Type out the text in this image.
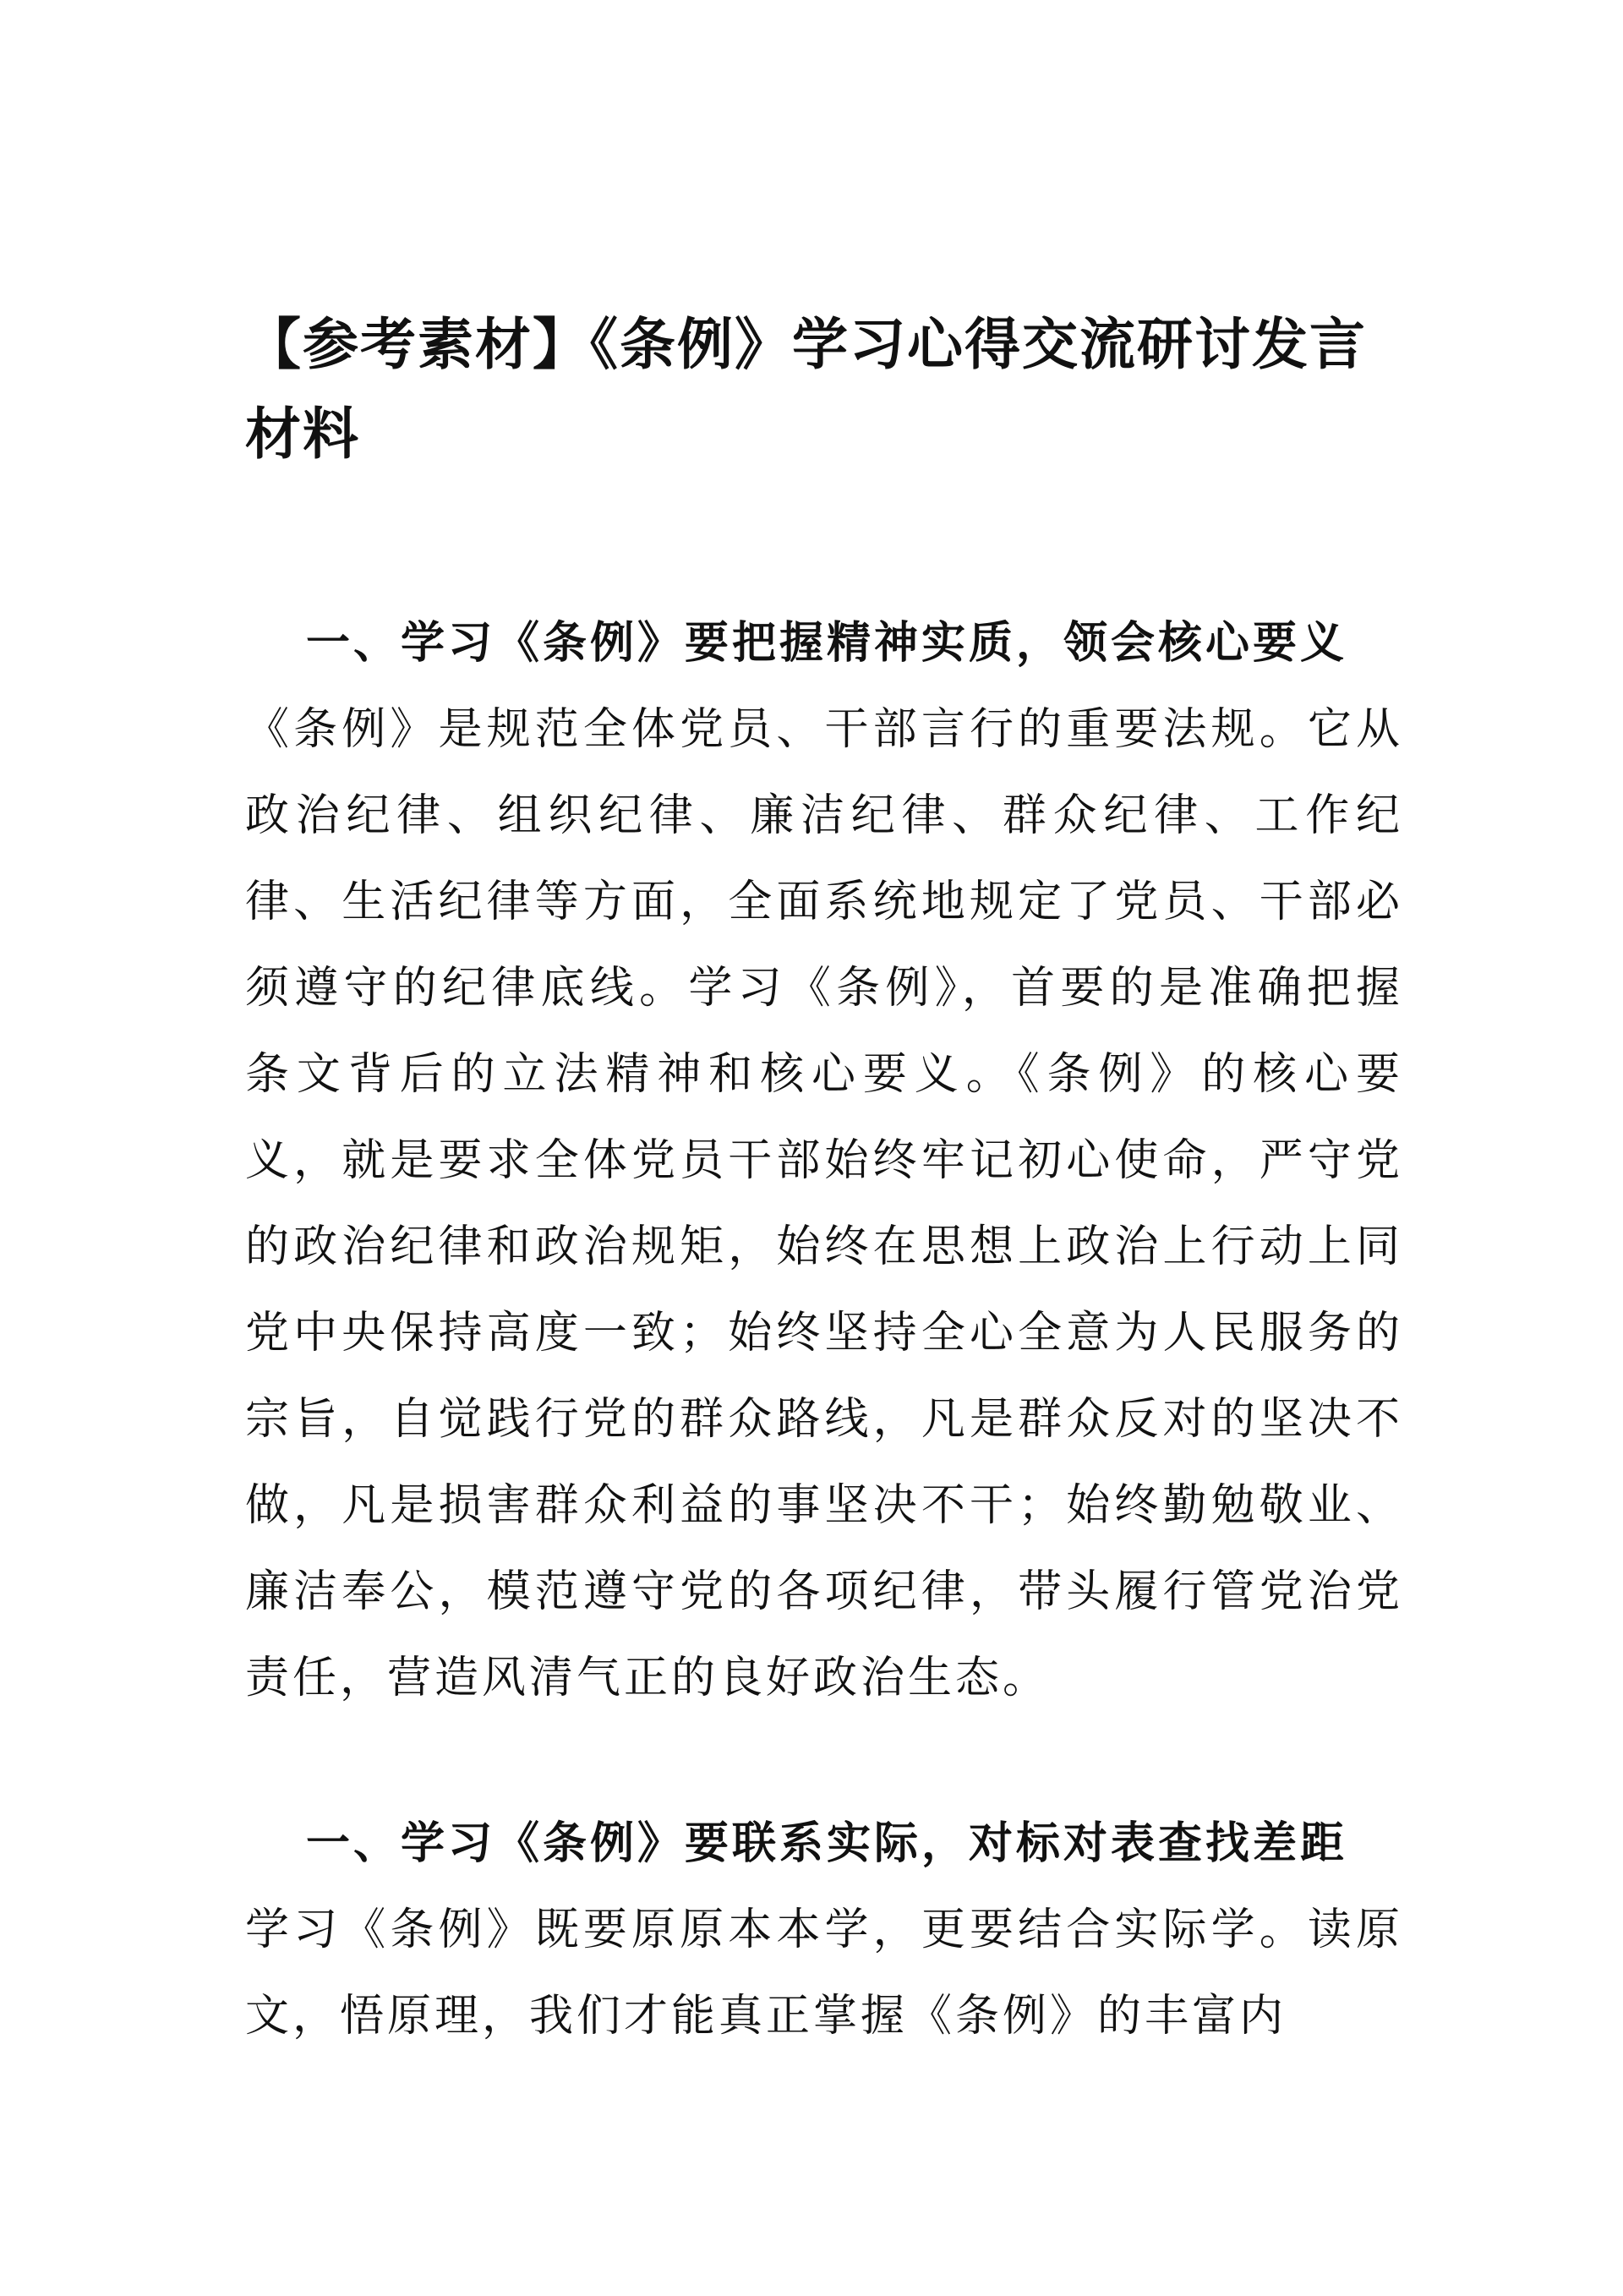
【参考素材】《条例》学习心得交流研讨发言材料
一、学习《条例》要把握精神实质，领会核心要义
《条例》是规范全体党员、干部言行的重要法规。它从政治纪律、组织纪律、廉洁纪律、群众纪律、工作纪律、生活纪律等方面，全面系统地规定了党员、干部必须遵守的纪律底线。学习《条例》，首要的是准确把握条文背后的立法精神和核心要义。《条例》的核心要义，就是要求全体党员干部始终牢记初心使命，严守党的政治纪律和政治规矩，始终在思想上政治上行动上同党中央保持高度一致；始终坚持全心全意为人民服务的宗旨，自觉践行党的群众路线，凡是群众反对的坚决不做，凡是损害群众利益的事坚决不干；始终勤勉敬业、廉洁奉公，模范遵守党的各项纪律，带头履行管党治党责任，营造风清气正的良好政治生态。
一、学习《条例》要联系实际，对标对表查找差距
学习《条例》既要原原本本学，更要结合实际学。读原文，悟原理，我们才能真正掌握《条例》的丰富内
